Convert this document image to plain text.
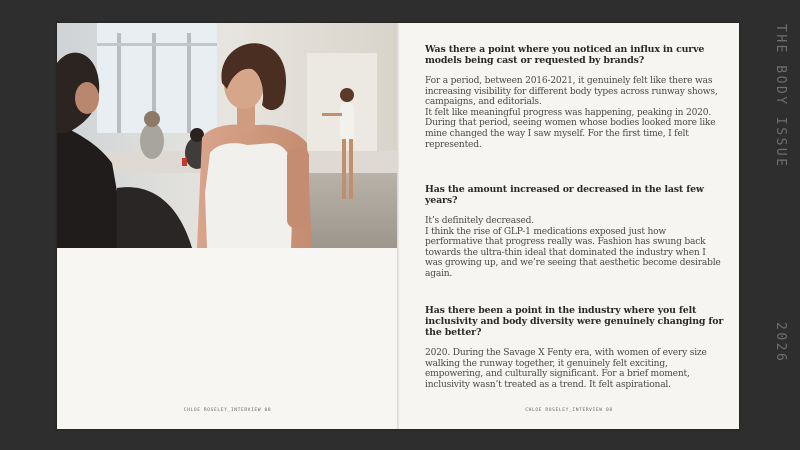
CHLOE ROSELEY_INTERVIEW 08
Was there a point where you noticed an influx in curve models being cast or requested by brands?

For a period, between 2016-2021, it genuinely felt like there was increasing visibility for different body types across runway shows, campaigns, and editorials.
It felt like meaningful progress was happening, peaking in 2020. During that period, seeing women whose bodies looked more like mine changed the way I saw myself. For the first time, I felt represented.

Has the amount increased or decreased in the last few years?

It’s definitely decreased.
I think the rise of GLP-1 medications exposed just how performative that progress really was. Fashion has swung back towards the ultra-thin ideal that dominated the industry when I was growing up, and we’re seeing that aesthetic become desirable again.

Has there been a point in the industry where you felt inclusivity and body diversity were genuinely changing for the better?

2020. During the Savage X Fenty era, with women of every size walking the runway together, it genuinely felt exciting, empowering, and culturally significant. For a brief moment, inclusivity wasn’t treated as a trend. It felt aspirational.

CHLOE ROSELEY_INTERVIEW 08
THE BODY ISSUE
2026
